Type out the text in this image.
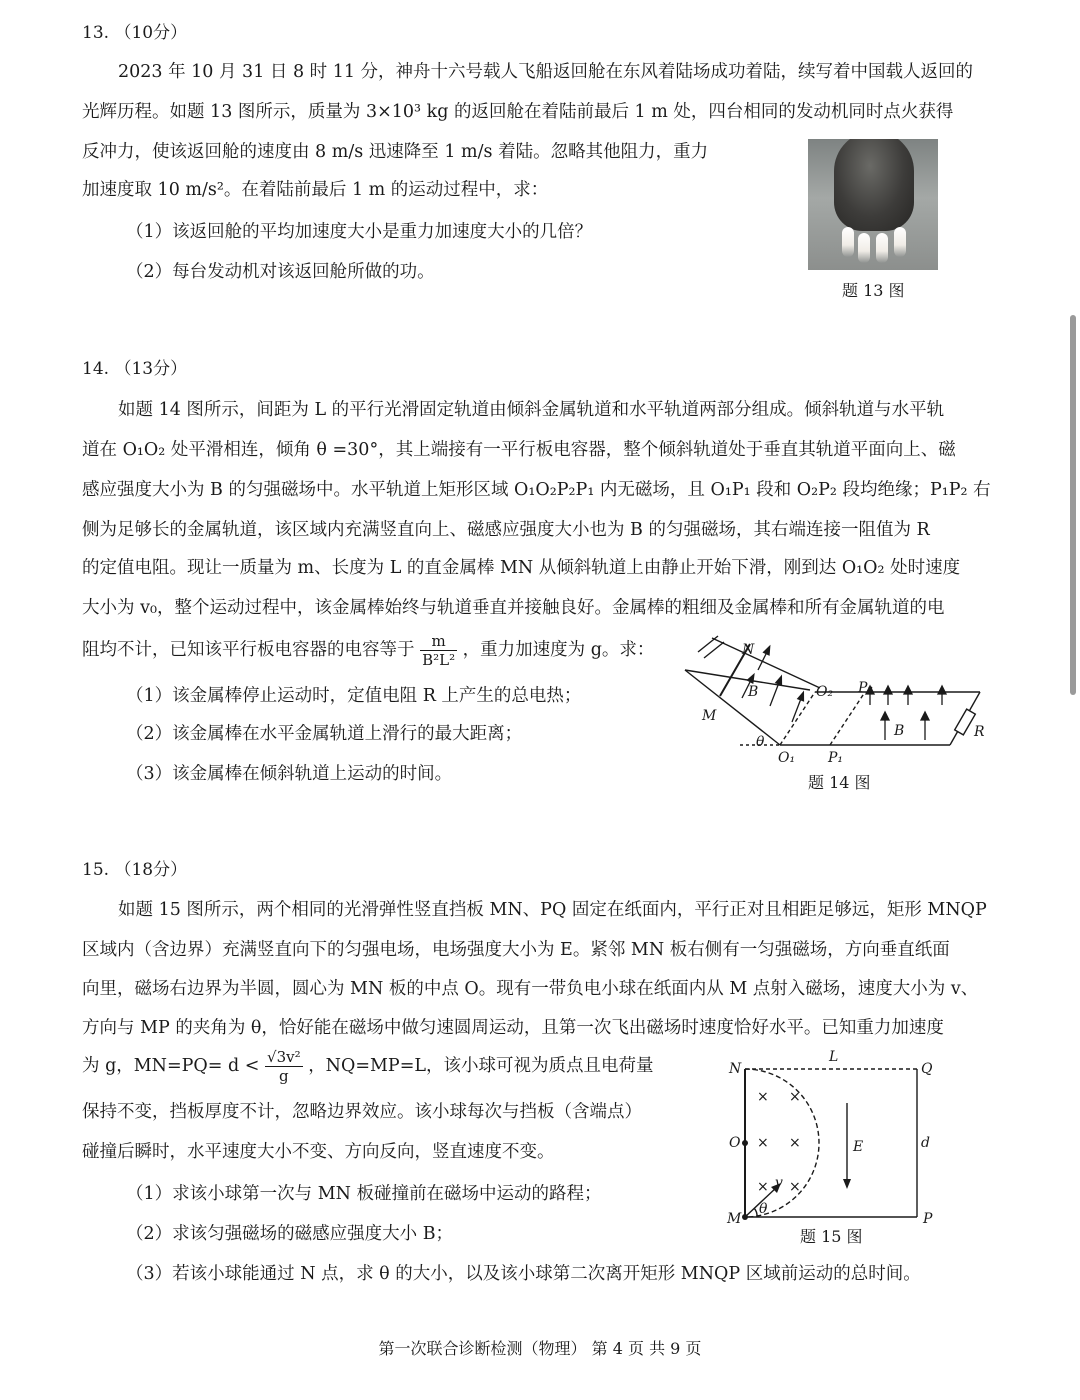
13. （10分）
2023 年 10 月 31 日 8 时 11 分，神舟十六号载人飞船返回舱在东风着陆场成功着陆，续写着中国载人返回的
光辉历程。如题 13 图所示，质量为 3×10³ kg 的返回舱在着陆前最后 1 m 处，四台相同的发动机同时点火获得
反冲力，使该返回舱的速度由 8 m/s 迅速降至 1 m/s 着陆。忽略其他阻力，重力
加速度取 10 m/s²。在着陆前最后 1 m 的运动过程中，求：
（1）该返回舱的平均加速度大小是重力加速度大小的几倍？
（2）每台发动机对该返回舱所做的功。
题 13 图
14. （13分）
如题 14 图所示，间距为 L 的平行光滑固定轨道由倾斜金属轨道和水平轨道两部分组成。倾斜轨道与水平轨
道在 O₁O₂ 处平滑相连，倾角 θ =30°，其上端接有一平行板电容器，整个倾斜轨道处于垂直其轨道平面向上、磁
感应强度大小为 B 的匀强磁场中。水平轨道上矩形区域 O₁O₂P₂P₁ 内无磁场，且 O₁P₁ 段和 O₂P₂ 段均绝缘；P₁P₂ 右
侧为足够长的金属轨道，该区域内充满竖直向上、磁感应强度大小也为 B 的匀强磁场，其右端连接一阻值为 R
的定值电阻。现让一质量为 m、长度为 L 的直金属棒 MN 从倾斜轨道上由静止开始下滑，刚到达 O₁O₂ 处时速度
大小为 v₀，整个运动过程中，该金属棒始终与轨道垂直并接触良好。金属棒的粗细及金属棒和所有金属轨道的电
阻均不计，已知该平行板电容器的电容等于 $\frac{m}{\text{B²L²}}$ ，重力加速度为 g。求：
（1）该金属棒停止运动时，定值电阻 R 上产生的总电热；
（2）该金属棒在水平金属轨道上滑行的最大距离；
（3）该金属棒在倾斜轨道上运动的时间。
N
M
B
B
O₂
O₁
P₂
P₁
R
θ
题 14 图
15. （18分）
如题 15 图所示，两个相同的光滑弹性竖直挡板 MN、PQ 固定在纸面内，平行正对且相距足够远，矩形 MNQP
区域内（含边界）充满竖直向下的匀强电场，电场强度大小为 E。紧邻 MN 板右侧有一匀强磁场，方向垂直纸面
向里，磁场右边界为半圆，圆心为 MN 板的中点 O。现有一带负电小球在纸面内从 M 点射入磁场，速度大小为 v、
方向与 MP 的夹角为 θ，恰好能在磁场中做匀速圆周运动，且第一次飞出磁场时速度恰好水平。已知重力加速度
为 g，$MN=PQ= d < \frac{\text{√3v²}}{g}$ ，NQ=MP=L，该小球可视为质点且电荷量
保持不变，挡板厚度不计，忽略边界效应。该小球每次与挡板（含端点）
碰撞后瞬时，水平速度大小不变、方向反向，竖直速度不变。
（1）求该小球第一次与 MN 板碰撞前在磁场中运动的路程；
（2）求该匀强磁场的磁感应强度大小 B；
（3）若该小球能通过 N 点，求 θ 的大小，以及该小球第二次离开矩形 MNQP 区域前运动的总时间。
× ×
× ×
× ×
N	Q
O
M	P
L
d
E
v
θ
题 15 图
第一次联合诊断检测（物理） 第 4 页 共 9 页
